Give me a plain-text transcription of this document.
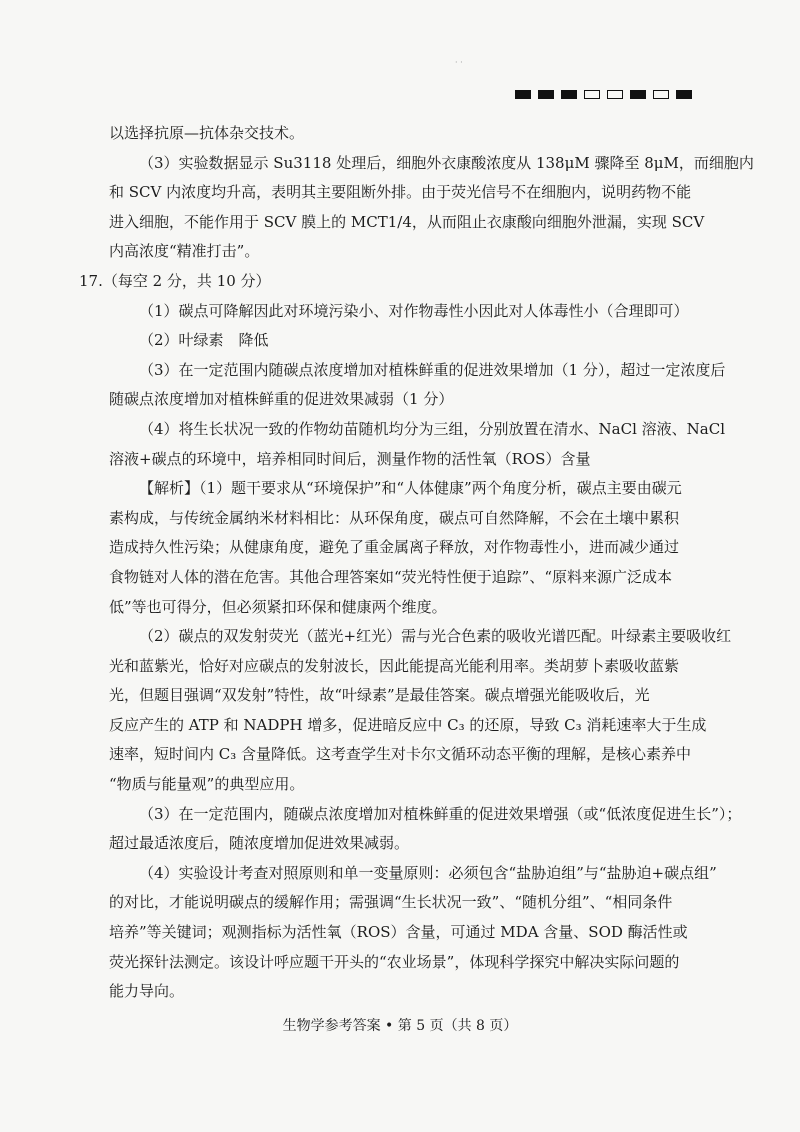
· ·
以选择抗原—抗体杂交技术。
（3）实验数据显示 Su3118 处理后，细胞外衣康酸浓度从 138μM 骤降至 8μM，而细胞内
和 SCV 内浓度均升高，表明其主要阻断外排。由于荧光信号不在细胞内，说明药物不能
进入细胞，不能作用于 SCV 膜上的 MCT1/4，从而阻止衣康酸向细胞外泄漏，实现 SCV
内高浓度“精准打击”。
17.（每空 2 分，共 10 分）
（1）碳点可降解因此对环境污染小、对作物毒性小因此对人体毒性小（合理即可）
（2）叶绿素　降低
（3）在一定范围内随碳点浓度增加对植株鲜重的促进效果增加（1 分），超过一定浓度后
随碳点浓度增加对植株鲜重的促进效果减弱（1 分）
（4）将生长状况一致的作物幼苗随机均分为三组，分别放置在清水、NaCl 溶液、NaCl
溶液+碳点的环境中，培养相同时间后，测量作物的活性氧（ROS）含量
【解析】（1）题干要求从“环境保护”和“人体健康”两个角度分析，碳点主要由碳元
素构成，与传统金属纳米材料相比：从环保角度，碳点可自然降解，不会在土壤中累积
造成持久性污染；从健康角度，避免了重金属离子释放，对作物毒性小，进而减少通过
食物链对人体的潜在危害。其他合理答案如“荧光特性便于追踪”、“原料来源广泛成本
低”等也可得分，但必须紧扣环保和健康两个维度。
（2）碳点的双发射荧光（蓝光+红光）需与光合色素的吸收光谱匹配。叶绿素主要吸收红
光和蓝紫光，恰好对应碳点的发射波长，因此能提高光能利用率。类胡萝卜素吸收蓝紫
光，但题目强调“双发射”特性，故“叶绿素”是最佳答案。碳点增强光能吸收后，光
反应产生的 ATP 和 NADPH 增多，促进暗反应中 C₃ 的还原，导致 C₃ 消耗速率大于生成
速率，短时间内 C₃ 含量降低。这考查学生对卡尔文循环动态平衡的理解，是核心素养中
“物质与能量观”的典型应用。
（3）在一定范围内，随碳点浓度增加对植株鲜重的促进效果增强（或“低浓度促进生长”）；
超过最适浓度后，随浓度增加促进效果减弱。
（4）实验设计考查对照原则和单一变量原则：必须包含“盐胁迫组”与“盐胁迫+碳点组”
的对比，才能说明碳点的缓解作用；需强调“生长状况一致”、“随机分组”、“相同条件
培养”等关键词；观测指标为活性氧（ROS）含量，可通过 MDA 含量、SOD 酶活性或
荧光探针法测定。该设计呼应题干开头的“农业场景”，体现科学探究中解决实际问题的
能力导向。
生物学参考答案 • 第 5 页（共 8 页）
